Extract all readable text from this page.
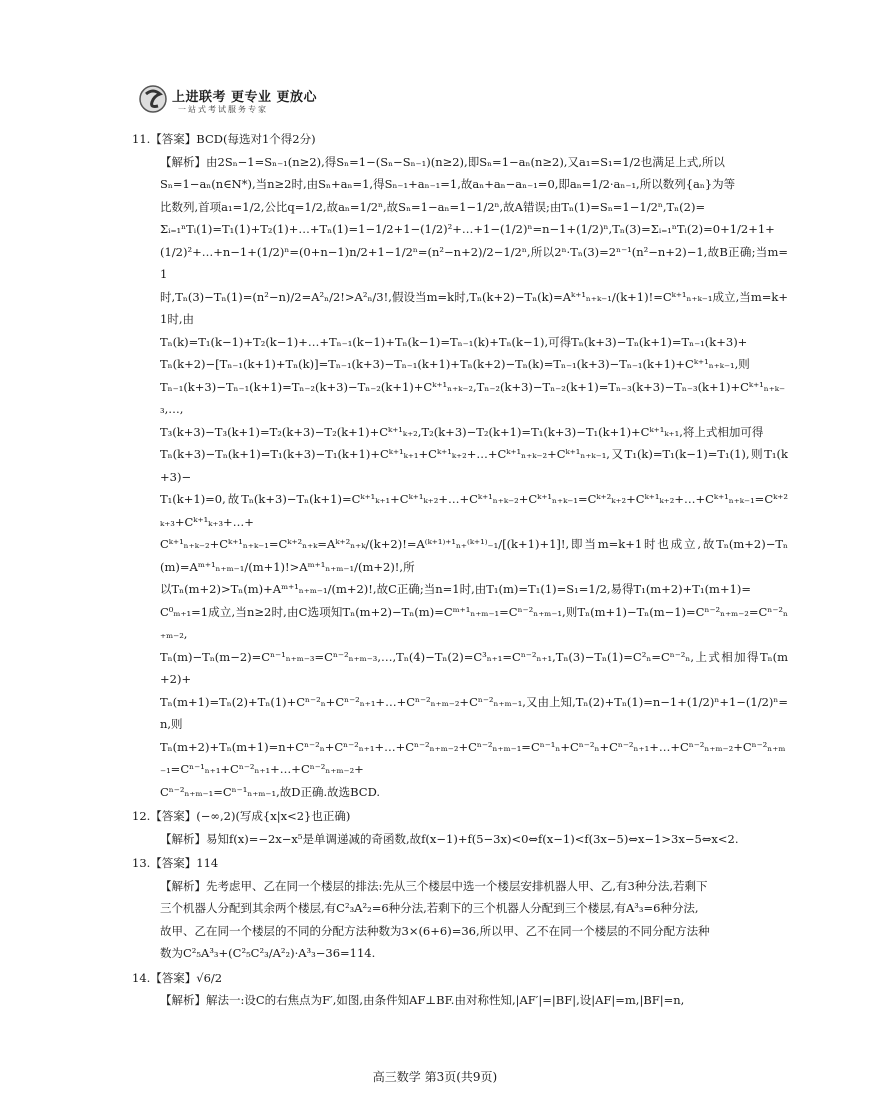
上进联考 更专业 更放心
一站式考试服务专家

11.【答案】BCD(每选对1个得2分)

【解析】由2Sₙ−1=Sₙ₋₁(n≥2),得Sₙ=1−(Sₙ−Sₙ₋₁)(n≥2),即Sₙ=1−aₙ(n≥2),又a₁=S₁=1/2也满足上式,所以

Sₙ=1−aₙ(n∈N*),当n≥2时,由Sₙ+aₙ=1,得Sₙ₋₁+aₙ₋₁=1,故aₙ+aₙ−aₙ₋₁=0,即aₙ=1/2·aₙ₋₁,所以数列{aₙ}为等

比数列,首项a₁=1/2,公比q=1/2,故aₙ=1/2ⁿ,故Sₙ=1−aₙ=1−1/2ⁿ,故A错误;由Tₙ(1)=Sₙ=1−1/2ⁿ,Tₙ(2)=

Σᵢ₌₁ⁿTᵢ(1)=T₁(1)+T₂(1)+…+Tₙ(1)=1−1/2+1−(1/2)²+…+1−(1/2)ⁿ=n−1+(1/2)ⁿ,Tₙ(3)=Σᵢ₌₁ⁿTᵢ(2)=0+1/2+1+

(1/2)²+…+n−1+(1/2)ⁿ=(0+n−1)n/2+1−1/2ⁿ=(n²−n+2)/2−1/2ⁿ,所以2ⁿ·Tₙ(3)=2ⁿ⁻¹(n²−n+2)−1,故B正确;当m=1

时,Tₙ(3)−Tₙ(1)=(n²−n)/2=A²ₙ/2!>A²ₙ/3!,假设当m=k时,Tₙ(k+2)−Tₙ(k)=Aᵏ⁺¹ₙ₊ₖ₋₁/(k+1)!=Cᵏ⁺¹ₙ₊ₖ₋₁成立,当m=k+1时,由

Tₙ(k)=T₁(k−1)+T₂(k−1)+…+Tₙ₋₁(k−1)+Tₙ(k−1)=Tₙ₋₁(k)+Tₙ(k−1),可得Tₙ(k+3)−Tₙ(k+1)=Tₙ₋₁(k+3)+

Tₙ(k+2)−[Tₙ₋₁(k+1)+Tₙ(k)]=Tₙ₋₁(k+3)−Tₙ₋₁(k+1)+Tₙ(k+2)−Tₙ(k)=Tₙ₋₁(k+3)−Tₙ₋₁(k+1)+Cᵏ⁺¹ₙ₊ₖ₋₁,则

Tₙ₋₁(k+3)−Tₙ₋₁(k+1)=Tₙ₋₂(k+3)−Tₙ₋₂(k+1)+Cᵏ⁺¹ₙ₊ₖ₋₂,Tₙ₋₂(k+3)−Tₙ₋₂(k+1)=Tₙ₋₃(k+3)−Tₙ₋₃(k+1)+Cᵏ⁺¹ₙ₊ₖ₋₃,…,

T₃(k+3)−T₃(k+1)=T₂(k+3)−T₂(k+1)+Cᵏ⁺¹ₖ₊₂,T₂(k+3)−T₂(k+1)=T₁(k+3)−T₁(k+1)+Cᵏ⁺¹ₖ₊₁,将上式相加可得

Tₙ(k+3)−Tₙ(k+1)=T₁(k+3)−T₁(k+1)+Cᵏ⁺¹ₖ₊₁+Cᵏ⁺¹ₖ₊₂+…+Cᵏ⁺¹ₙ₊ₖ₋₂+Cᵏ⁺¹ₙ₊ₖ₋₁,又T₁(k)=T₁(k−1)=T₁(1),则T₁(k+3)−

T₁(k+1)=0,故Tₙ(k+3)−Tₙ(k+1)=Cᵏ⁺¹ₖ₊₁+Cᵏ⁺¹ₖ₊₂+…+Cᵏ⁺¹ₙ₊ₖ₋₂+Cᵏ⁺¹ₙ₊ₖ₋₁=Cᵏ⁺²ₖ₊₂+Cᵏ⁺¹ₖ₊₂+…+Cᵏ⁺¹ₙ₊ₖ₋₁=Cᵏ⁺²ₖ₊₃+Cᵏ⁺¹ₖ₊₃+…+

Cᵏ⁺¹ₙ₊ₖ₋₂+Cᵏ⁺¹ₙ₊ₖ₋₁=Cᵏ⁺²ₙ₊ₖ=Aᵏ⁺²ₙ₊ₖ/(k+2)!=A⁽ᵏ⁺¹⁾⁺¹ₙ₊⁽ᵏ⁺¹⁾₋₁/[(k+1)+1]!,即当m=k+1时也成立,故Tₙ(m+2)−Tₙ(m)=Aᵐ⁺¹ₙ₊ₘ₋₁/(m+1)!>Aᵐ⁺¹ₙ₊ₘ₋₁/(m+2)!,所

以Tₙ(m+2)>Tₙ(m)+Aᵐ⁺¹ₙ₊ₘ₋₁/(m+2)!,故C正确;当n=1时,由T₁(m)=T₁(1)=S₁=1/2,易得T₁(m+2)+T₁(m+1)=

C⁰ₘ₊₁=1成立,当n≥2时,由C选项知Tₙ(m+2)−Tₙ(m)=Cᵐ⁺¹ₙ₊ₘ₋₁=Cⁿ⁻²ₙ₊ₘ₋₁,则Tₙ(m+1)−Tₙ(m−1)=Cⁿ⁻²ₙ₊ₘ₋₂=Cⁿ⁻²ₙ₊ₘ₋₂,

Tₙ(m)−Tₙ(m−2)=Cⁿ⁻¹ₙ₊ₘ₋₃=Cⁿ⁻²ₙ₊ₘ₋₃,…,Tₙ(4)−Tₙ(2)=C³ₙ₊₁=Cⁿ⁻²ₙ₊₁,Tₙ(3)−Tₙ(1)=C²ₙ=Cⁿ⁻²ₙ,上式相加得Tₙ(m+2)+

Tₙ(m+1)=Tₙ(2)+Tₙ(1)+Cⁿ⁻²ₙ+Cⁿ⁻²ₙ₊₁+…+Cⁿ⁻²ₙ₊ₘ₋₂+Cⁿ⁻²ₙ₊ₘ₋₁,又由上知,Tₙ(2)+Tₙ(1)=n−1+(1/2)ⁿ+1−(1/2)ⁿ=n,则

Tₙ(m+2)+Tₙ(m+1)=n+Cⁿ⁻²ₙ+Cⁿ⁻²ₙ₊₁+…+Cⁿ⁻²ₙ₊ₘ₋₂+Cⁿ⁻²ₙ₊ₘ₋₁=Cⁿ⁻¹ₙ+Cⁿ⁻²ₙ+Cⁿ⁻²ₙ₊₁+…+Cⁿ⁻²ₙ₊ₘ₋₂+Cⁿ⁻²ₙ₊ₘ₋₁=Cⁿ⁻¹ₙ₊₁+Cⁿ⁻²ₙ₊₁+…+Cⁿ⁻²ₙ₊ₘ₋₂+

Cⁿ⁻²ₙ₊ₘ₋₁=Cⁿ⁻¹ₙ₊ₘ₋₁,故D正确.故选BCD.

12.【答案】(−∞,2)(写成{x|x<2}也正确)

【解析】易知f(x)=−2x−x⁵是单调递减的奇函数,故f(x−1)+f(5−3x)<0⇔f(x−1)<f(3x−5)⇔x−1>3x−5⇔x<2.

13.【答案】114

【解析】先考虑甲、乙在同一个楼层的排法:先从三个楼层中选一个楼层安排机器人甲、乙,有3种分法,若剩下

三个机器人分配到其余两个楼层,有C²₃A²₂=6种分法,若剩下的三个机器人分配到三个楼层,有A³₃=6种分法,

故甲、乙在同一个楼层的不同的分配方法种数为3×(6+6)=36,所以甲、乙不在同一个楼层的不同分配方法种

数为C²₅A³₃+(C²₅C²₃/A²₂)·A³₃−36=114.

14.【答案】√6/2

【解析】解法一:设C的右焦点为F′,如图,由条件知AF⊥BF.由对称性知,|AF′|=|BF|,设|AF|=m,|BF|=n,

高三数学 第3页(共9页)
